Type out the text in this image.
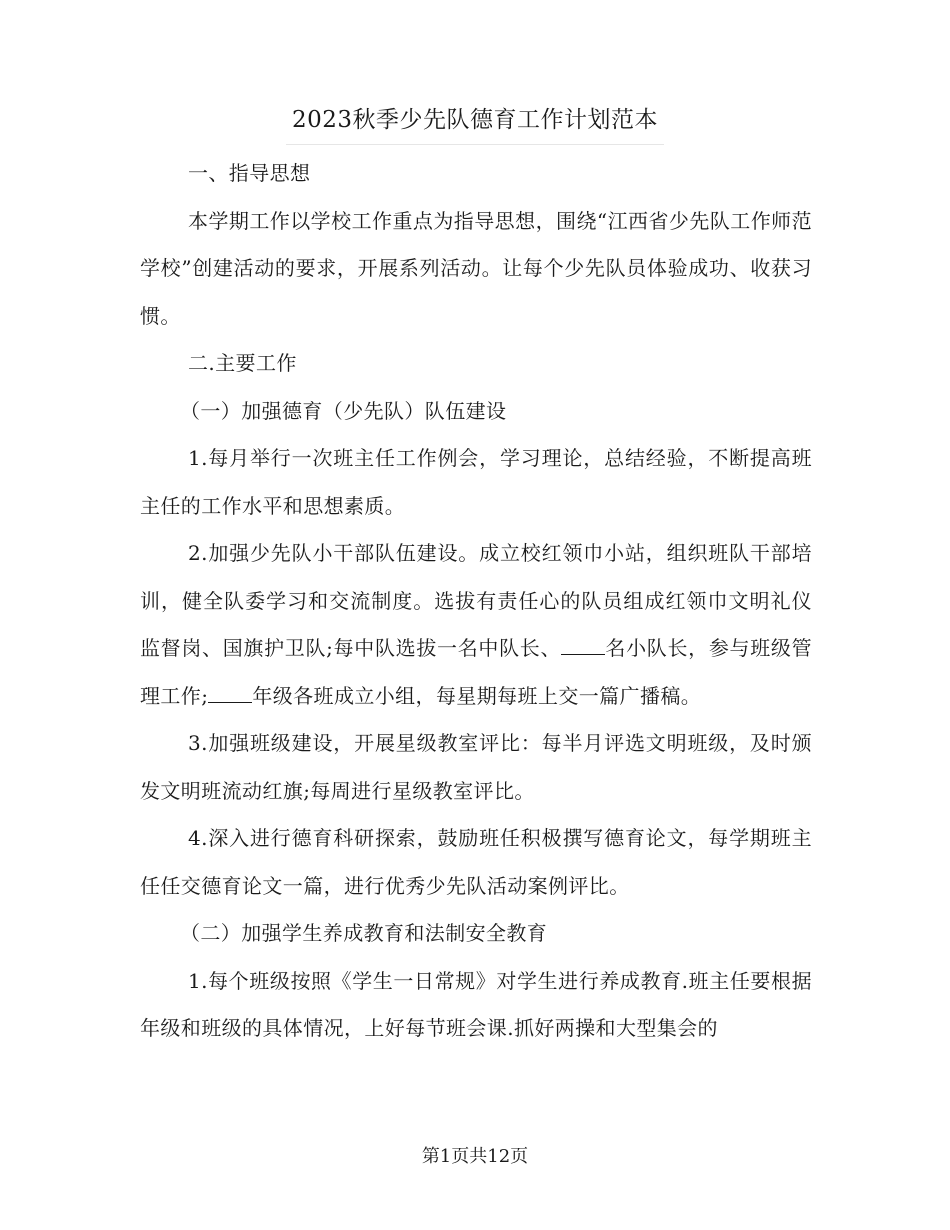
2023秋季少先队德育工作计划范本

一、指导思想

本学期工作以学校工作重点为指导思想，围绕“江西省少先队工作师范学校”创建活动的要求，开展系列活动。让每个少先队员体验成功、收获习惯。

二.主要工作

（一）加强德育（少先队）队伍建设

1.每月举行一次班主任工作例会，学习理论，总结经验，不断提高班主任的工作水平和思想素质。

2.加强少先队小干部队伍建设。成立校红领巾小站，组织班队干部培训，健全队委学习和交流制度。选拔有责任心的队员组成红领巾文明礼仪监督岗、国旗护卫队;每中队选拔一名中队长、 名小队长，参与班级管理工作; 年级各班成立小组，每星期每班上交一篇广播稿。

3.加强班级建设，开展星级教室评比：每半月评选文明班级，及时颁发文明班流动红旗;每周进行星级教室评比。

4.深入进行德育科研探索，鼓励班任积极撰写德育论文，每学期班主任任交德育论文一篇，进行优秀少先队活动案例评比。

（二）加强学生养成教育和法制安全教育

1.每个班级按照《学生一日常规》对学生进行养成教育.班主任要根据年级和班级的具体情况，上好每节班会课.抓好两操和大型集会的

第1页共12页
